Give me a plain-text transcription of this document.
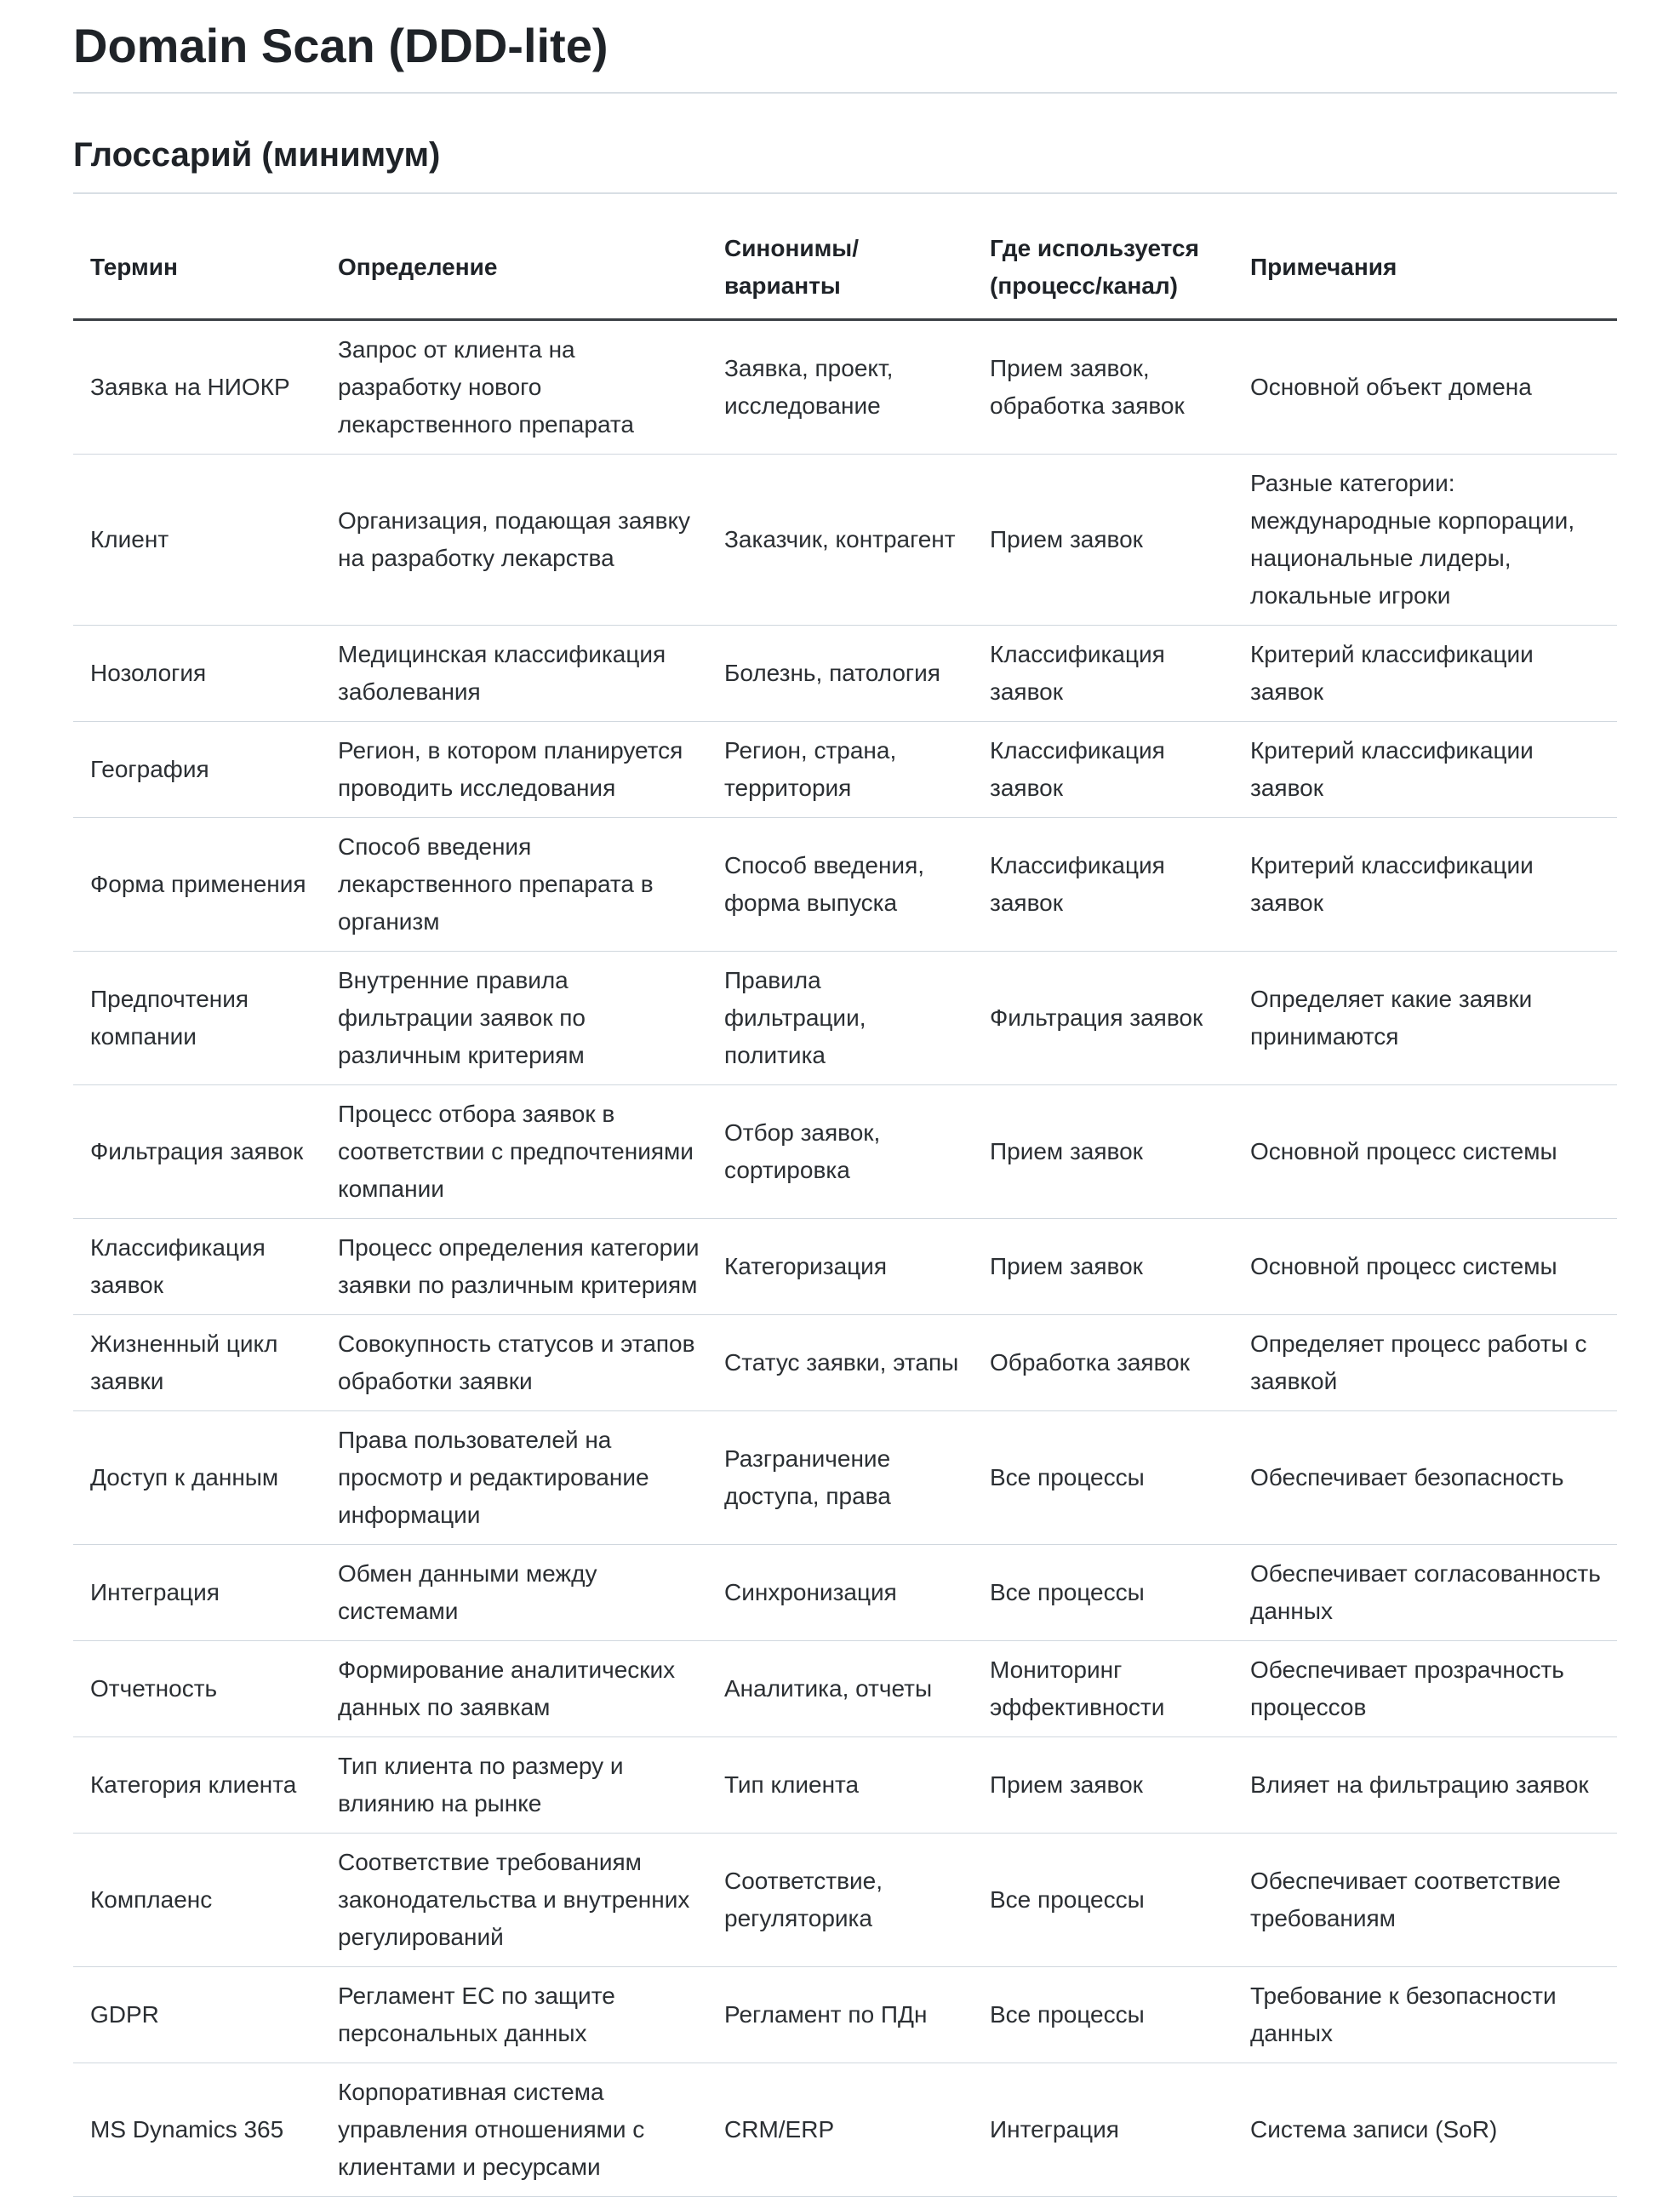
Domain Scan (DDD-lite)
Глоссарий (минимум)
Термин	Определение	Синонимы/ варианты	Где используется (процесс/канал)	Примечания
Заявка на НИОКР	Запрос от клиента на разработку нового лекарственного препарата	Заявка, проект, исследование	Прием заявок, обработка заявок	Основной объект домена
Клиент	Организация, подающая заявку на разработку лекарства	Заказчик, контрагент	Прием заявок	Разные категории: международные корпорации, национальные лидеры, локальные игроки
Нозология	Медицинская классификация заболевания	Болезнь, патология	Классификация заявок	Критерий классификации заявок
География	Регион, в котором планируется проводить исследования	Регион, страна, территория	Классификация заявок	Критерий классификации заявок
Форма применения	Способ введения лекарственного препарата в организм	Способ введения, форма выпуска	Классификация заявок	Критерий классификации заявок
Предпочтения компании	Внутренние правила фильтрации заявок по различным критериям	Правила фильтрации, политика	Фильтрация заявок	Определяет какие заявки принимаются
Фильтрация заявок	Процесс отбора заявок в соответствии с предпочтениями компании	Отбор заявок, сортировка	Прием заявок	Основной процесс системы
Классификация заявок	Процесс определения категории заявки по различным критериям	Категоризация	Прием заявок	Основной процесс системы
Жизненный цикл заявки	Совокупность статусов и этапов обработки заявки	Статус заявки, этапы	Обработка заявок	Определяет процесс работы с заявкой
Доступ к данным	Права пользователей на просмотр и редактирование информации	Разграничение доступа, права	Все процессы	Обеспечивает безопасность
Интеграция	Обмен данными между системами	Синхронизация	Все процессы	Обеспечивает согласованность данных
Отчетность	Формирование аналитических данных по заявкам	Аналитика, отчеты	Мониторинг эффективности	Обеспечивает прозрачность процессов
Категория клиента	Тип клиента по размеру и влиянию на рынке	Тип клиента	Прием заявок	Влияет на фильтрацию заявок
Комплаенс	Соответствие требованиям законодательства и внутренних регулирований	Соответствие, регуляторика	Все процессы	Обеспечивает соответствие требованиям
GDPR	Регламент ЕС по защите персональных данных	Регламент по ПДн	Все процессы	Требование к безопасности данных
MS Dynamics 365	Корпоративная система управления отношениями с клиентами и ресурсами	CRM/ERP	Интеграция	Система записи (SoR)
